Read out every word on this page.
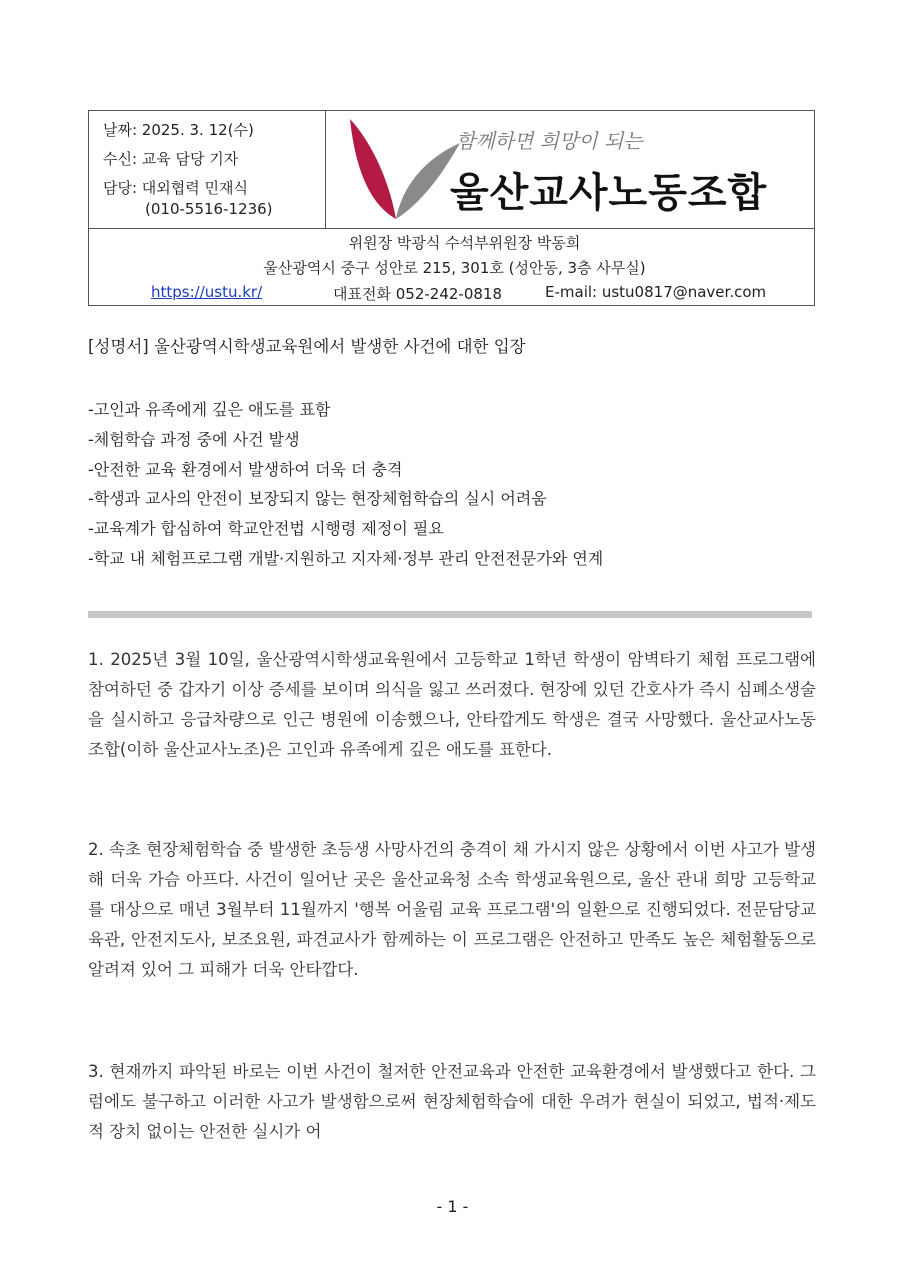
날짜: 2025. 3. 12(수)
수신: 교육 담당 기자
담당: 대외협력 민재식
(010-5516-1236)
함께하면 희망이 되는
울산교사노동조합
위원장 박광식 수석부위원장 박동희
울산광역시 중구 성안로 215, 301호 (성안동, 3층 사무실)
https://ustu.kr/	대표전화 052-242-0818	E-mail: ustu0817@naver.com
[성명서] 울산광역시학생교육원에서 발생한 사건에 대한 입장
-고인과 유족에게 깊은 애도를 표함
-체험학습 과정 중에 사건 발생
-안전한 교육 환경에서 발생하여 더욱 더 충격
-학생과 교사의 안전이 보장되지 않는 현장체험학습의 실시 어려움
-교육계가 합심하여 학교안전법 시행령 제정이 필요
-학교 내 체험프로그램 개발·지원하고 지자체·정부 관리 안전전문가와 연계

1. 2025년 3월 10일, 울산광역시학생교육원에서 고등학교 1학년 학생이 암벽타기 체험 프로그램에 참여하던 중 갑자기 이상 증세를 보이며 의식을 잃고 쓰러졌다. 현장에 있던 간호사가 즉시 심폐소생술을 실시하고 응급차량으로 인근 병원에 이송했으나, 안타깝게도 학생은 결국 사망했다. 울산교사노동조합(이하 울산교사노조)은 고인과 유족에게 깊은 애도를 표한다.

2. 속초 현장체험학습 중 발생한 초등생 사망사건의 충격이 채 가시지 않은 상황에서 이번 사고가 발생해 더욱 가슴 아프다. 사건이 일어난 곳은 울산교육청 소속 학생교육원으로, 울산 관내 희망 고등학교를 대상으로 매년 3월부터 11월까지 '행복 어울림 교육 프로그램'의 일환으로 진행되었다. 전문담당교육관, 안전지도사, 보조요원, 파견교사가 함께하는 이 프로그램은 안전하고 만족도 높은 체험활동으로 알려져 있어 그 피해가 더욱 안타깝다.

3. 현재까지 파악된 바로는 이번 사건이 철저한 안전교육과 안전한 교육환경에서 발생했다고 한다. 그럼에도 불구하고 이러한 사고가 발생함으로써 현장체험학습에 대한 우려가 현실이 되었고, 법적·제도적 장치 없이는 안전한 실시가 어

- 1 -
